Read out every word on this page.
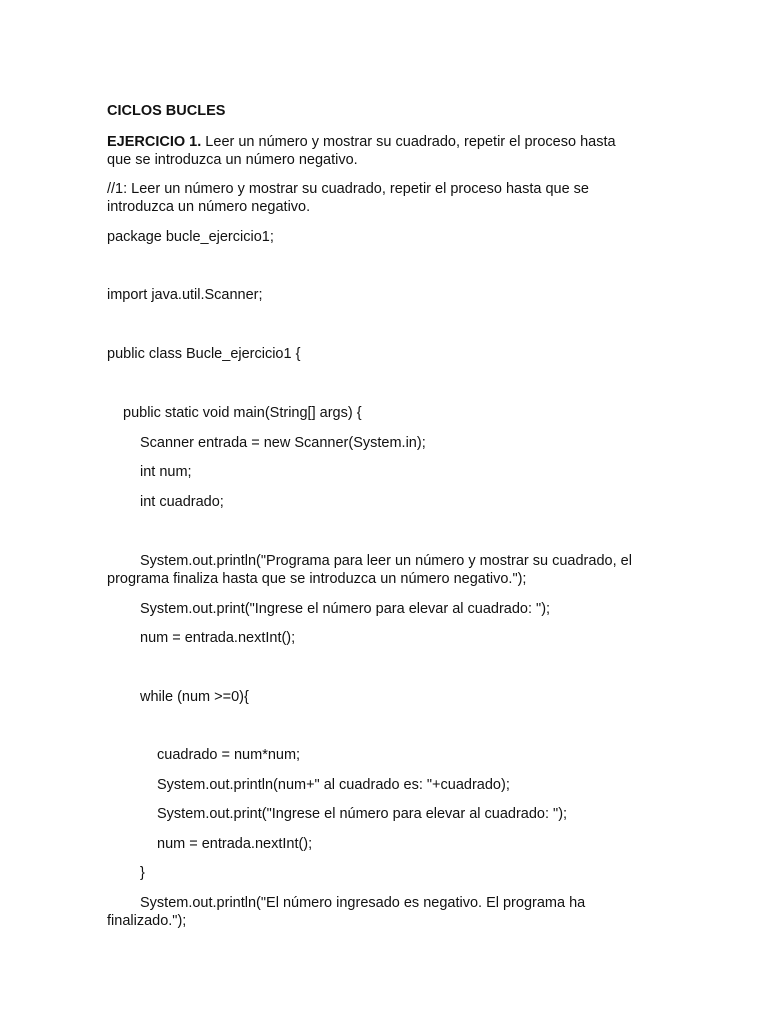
CICLOS BUCLES
EJERCICIO 1. Leer un número y mostrar su cuadrado, repetir el proceso hasta
que se introduzca un número negativo.
//1: Leer un número y mostrar su cuadrado, repetir el proceso hasta que se
introduzca un número negativo.
package bucle_ejercicio1;
import java.util.Scanner;
public class Bucle_ejercicio1 {
public static void main(String[] args) {
Scanner entrada = new Scanner(System.in);
int num;
int cuadrado;
System.out.println("Programa para leer un número y mostrar su cuadrado, el
programa finaliza hasta que se introduzca un número negativo.");
System.out.print("Ingrese el número para elevar al cuadrado: ");
num = entrada.nextInt();
while (num >=0){
cuadrado = num*num;
System.out.println(num+" al cuadrado es: "+cuadrado);
System.out.print("Ingrese el número para elevar al cuadrado: ");
num = entrada.nextInt();
}
System.out.println("El número ingresado es negativo. El programa ha
finalizado.");
